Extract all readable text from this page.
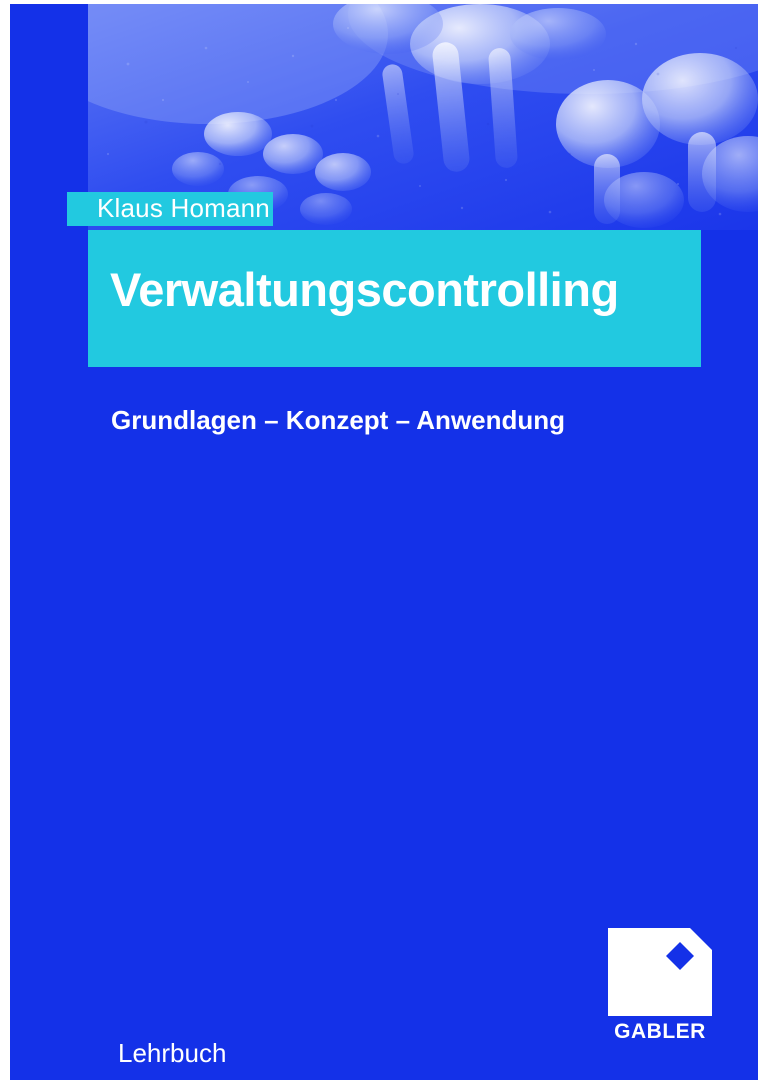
Klaus Homann
Verwaltungscontrolling
Grundlagen – Konzept – Anwendung
Lehrbuch
GABLER
